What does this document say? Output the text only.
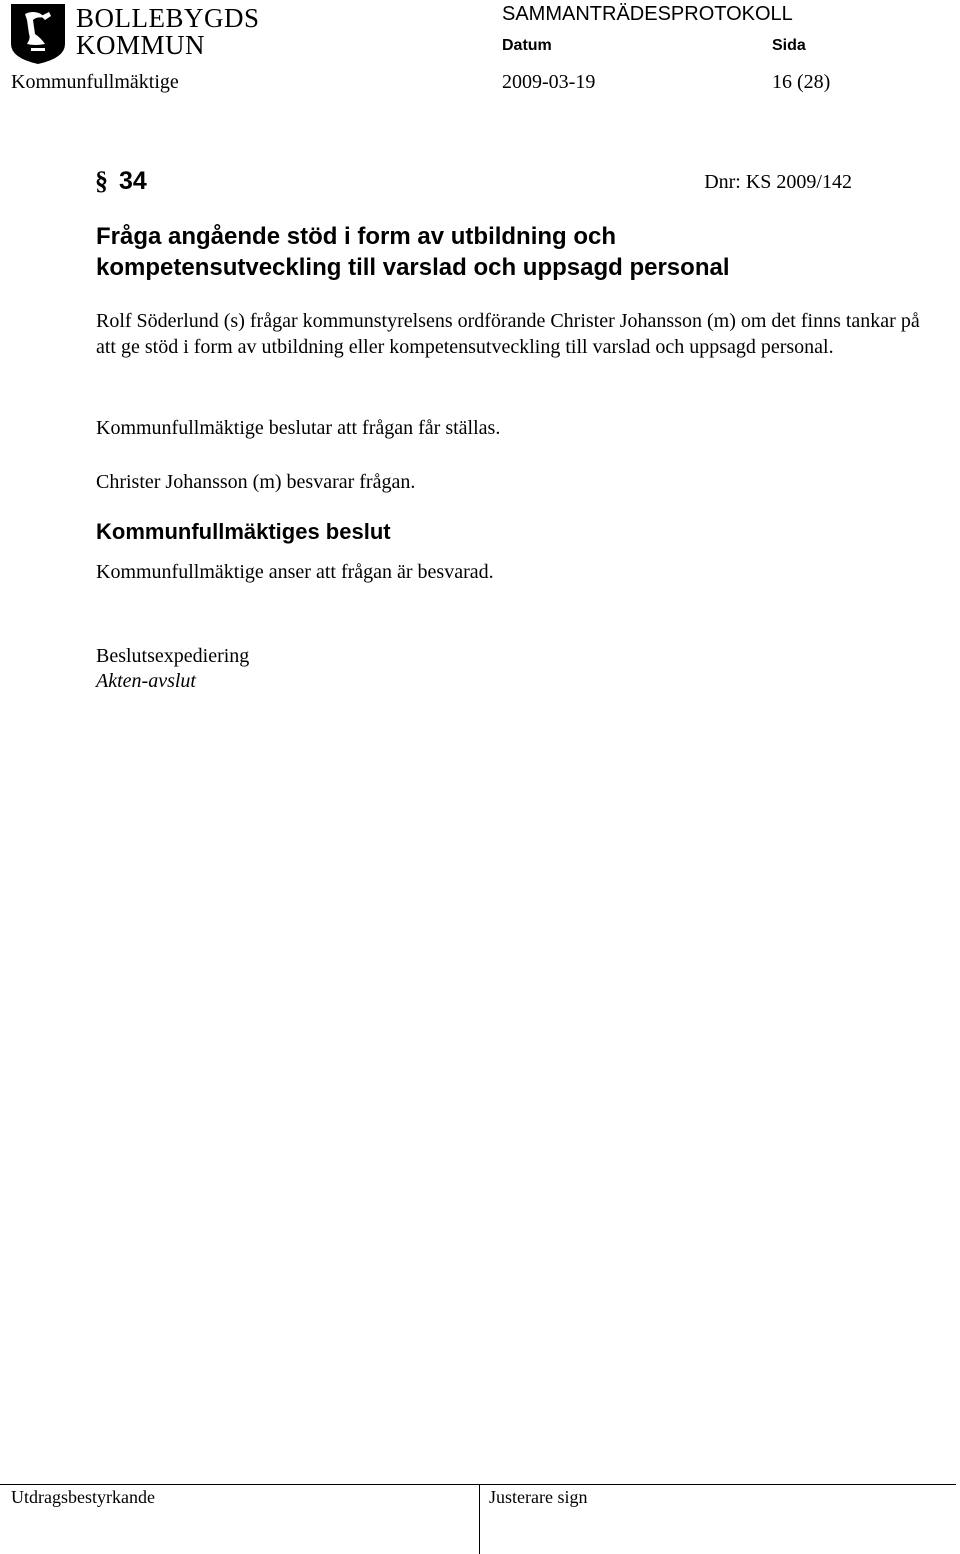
BOLLEBYGDS
KOMMUN
SAMMANTRÄDESPROTOKOLL
Datum	Sida
Kommunfullmäktige	2009-03-19	16 (28)
§ 34	Dnr: KS 2009/142
Fråga angående stöd i form av utbildning och
kompetensutveckling till varslad och uppsagd personal
Rolf Söderlund (s) frågar kommunstyrelsens ordförande Christer Johansson (m) om det finns tankar på att ge stöd i form av utbildning eller kompetensutveckling till varslad och uppsagd personal.
Kommunfullmäktige beslutar att frågan får ställas.
Christer Johansson (m) besvarar frågan.
Kommunfullmäktiges beslut
Kommunfullmäktige anser att frågan är besvarad.
Beslutsexpediering
Akten-avslut
Utdragsbestyrkande	Justerare sign
